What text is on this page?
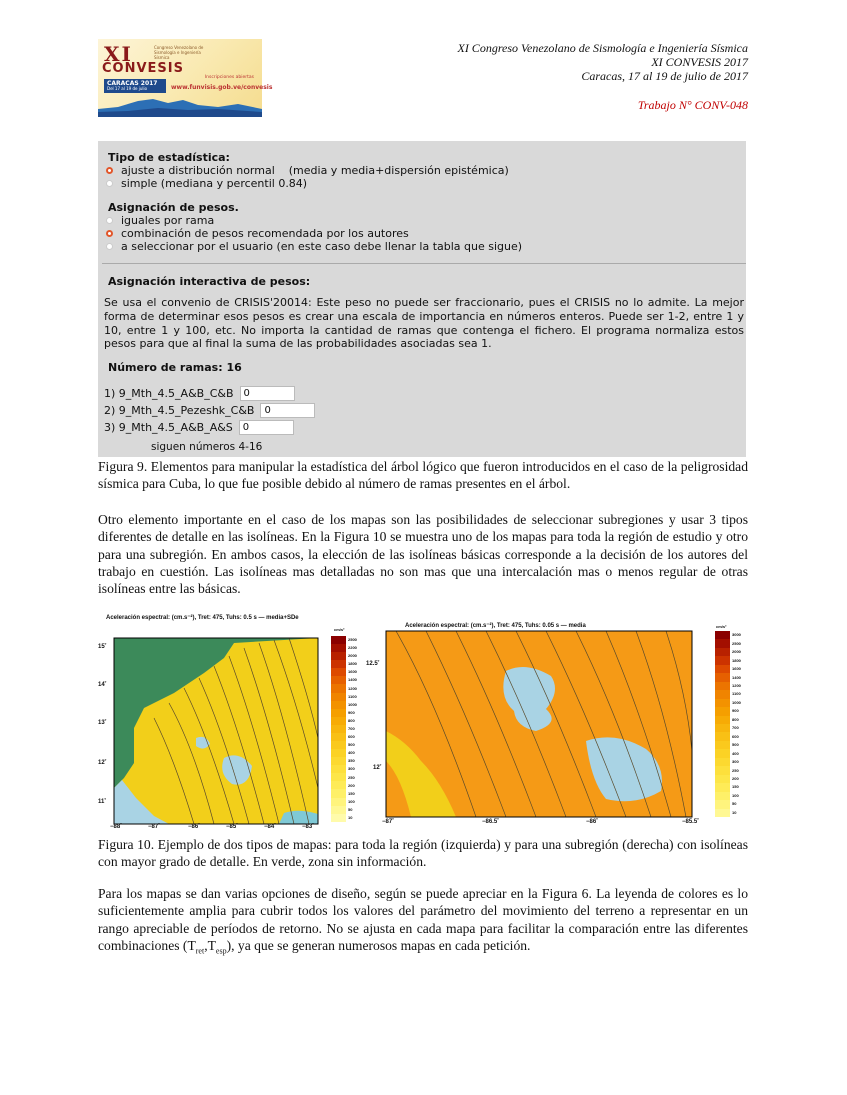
XI
CONVESIS
Congreso Venezolano de Sismología e Ingeniería Sísmica
CARACAS 2017
Del 17 al 19 de julio
Inscripciones abiertas
www.funvisis.gob.ve/convesis
XI Congreso Venezolano de Sismología e Ingeniería Sísmica
XI CONVESIS 2017
Caracas, 17 al 19 de julio de 2017
Trabajo N° CONV-048
Tipo de estadística:
ajuste a distribución normal    (media y media+dispersión epistémica)
simple (mediana y percentil 0.84)
Asignación de pesos.
iguales por rama
combinación de pesos recomendada por los autores
a seleccionar por el usuario (en este caso debe llenar la tabla que sigue)
Asignación interactiva de pesos:
Se usa el convenio de CRISIS'20014: Este peso no puede ser fraccionario, pues el CRISIS no lo admite. La mejor forma de determinar esos pesos es crear una escala de importancia en números enteros. Puede ser 1-2, entre 1 y 10, entre 1 y 100, etc. No importa la cantidad de ramas que contenga el fichero. El programa normaliza estos pesos para que al final la suma de las probabilidades asociadas sea 1.
Número de ramas: 16
1) 9_Mth_4.5_A&B_C&B	0
2) 9_Mth_4.5_Pezeshk_C&B	0
3) 9_Mth_4.5_A&B_A&S	0
siguen números 4-16
Figura 9. Elementos para manipular la estadística del árbol lógico que fueron introducidos en el caso de la peligrosidad sísmica para Cuba, lo que fue posible debido al número de ramas presentes en el árbol.
Otro elemento importante en el caso de los mapas son las posibilidades de seleccionar subregiones y usar 3 tipos diferentes de detalle en las isolíneas. En la Figura 10 se muestra uno de los mapas para toda la región de estudio y otro para una subregión. En ambos casos, la elección de las isolíneas básicas corresponde a la decisión de los autores del trabajo en cuestión. Las isolíneas mas detalladas no son mas que una intercalación mas o menos regular de otras isolíneas entre las básicas.
Aceleración espectral: (cm.s⁻²), Tret: 475, Tuhs: 0.5 s — media+SDe
cm/s²
15˚
14˚
13˚
12˚
11˚
−88˚	−87˚	−86˚	−85˚	−84˚	−83˚
2500
2200
2000
1800
1600
1400
1200
1100
1000
900
800
700
600
500
400
350
300
250
200
150
100
50
10
Aceleración espectral: (cm.s⁻²), Tret: 475, Tuhs: 0.05 s — media	cm/s²
12.5˚
12˚
−87˚	−86.5˚	−86˚	−85.5˚
3000
2500
2000
1800
1600
1400
1200
1100
1000
900
800
700
600
500
400
300
250
200
150
100
50
10
Figura 10. Ejemplo de dos tipos de mapas: para toda la región (izquierda) y para una subregión (derecha) con isolíneas con mayor grado de detalle. En verde, zona sin información.
Para los mapas se dan varias opciones de diseño, según se puede apreciar en la Figura 6. La leyenda de colores es lo suficientemente amplia para cubrir todos los valores del parámetro del movimiento del terreno a representar en un rango apreciable de períodos de retorno. No se ajusta en cada mapa para facilitar la comparación entre las diferentes combinaciones $(T_{ret},T_{esp})$, ya que se generan numerosos mapas en cada petición.
